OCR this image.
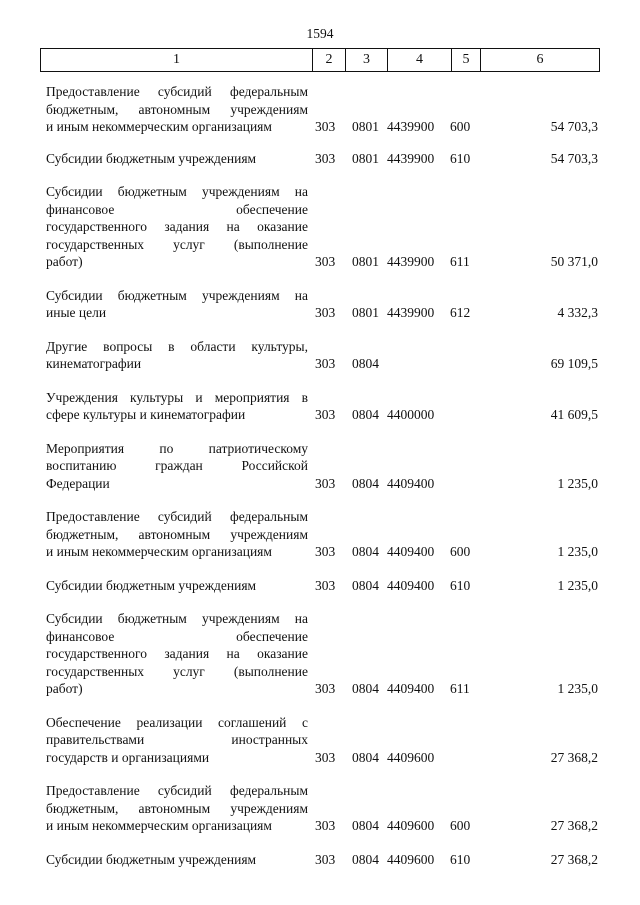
1594
1	2	3	4	5	6
Предоставление субсидий федеральным
бюджетным, автономным учреждениям
и иным некоммерческим организациям	303 0801 4439900 600	54 703,3
Субсидии бюджетным учреждениям	303 0801 4439900 610	54 703,3
Субсидии бюджетным учреждениям на
финансовое обеспечение
государственного задания на оказание
государственных услуг (выполнение
работ)	303 0801 4439900 611	50 371,0
Субсидии бюджетным учреждениям на
иные цели	303 0801 4439900 612	4 332,3
Другие вопросы в области культуры,
кинематографии	303 0804	69 109,5
Учреждения культуры и мероприятия в
сфере культуры и кинематографии	303 0804 4400000	41 609,5
Мероприятия по патриотическому
воспитанию граждан Российской
Федерации	303 0804 4409400	1 235,0
Предоставление субсидий федеральным
бюджетным, автономным учреждениям
и иным некоммерческим организациям	303 0804 4409400 600	1 235,0
Субсидии бюджетным учреждениям	303 0804 4409400 610	1 235,0
Субсидии бюджетным учреждениям на
финансовое обеспечение
государственного задания на оказание
государственных услуг (выполнение
работ)	303 0804 4409400 611	1 235,0
Обеспечение реализации соглашений с
правительствами иностранных
государств и организациями	303 0804 4409600	27 368,2
Предоставление субсидий федеральным
бюджетным, автономным учреждениям
и иным некоммерческим организациям	303 0804 4409600 600	27 368,2
Субсидии бюджетным учреждениям	303 0804 4409600 610	27 368,2
